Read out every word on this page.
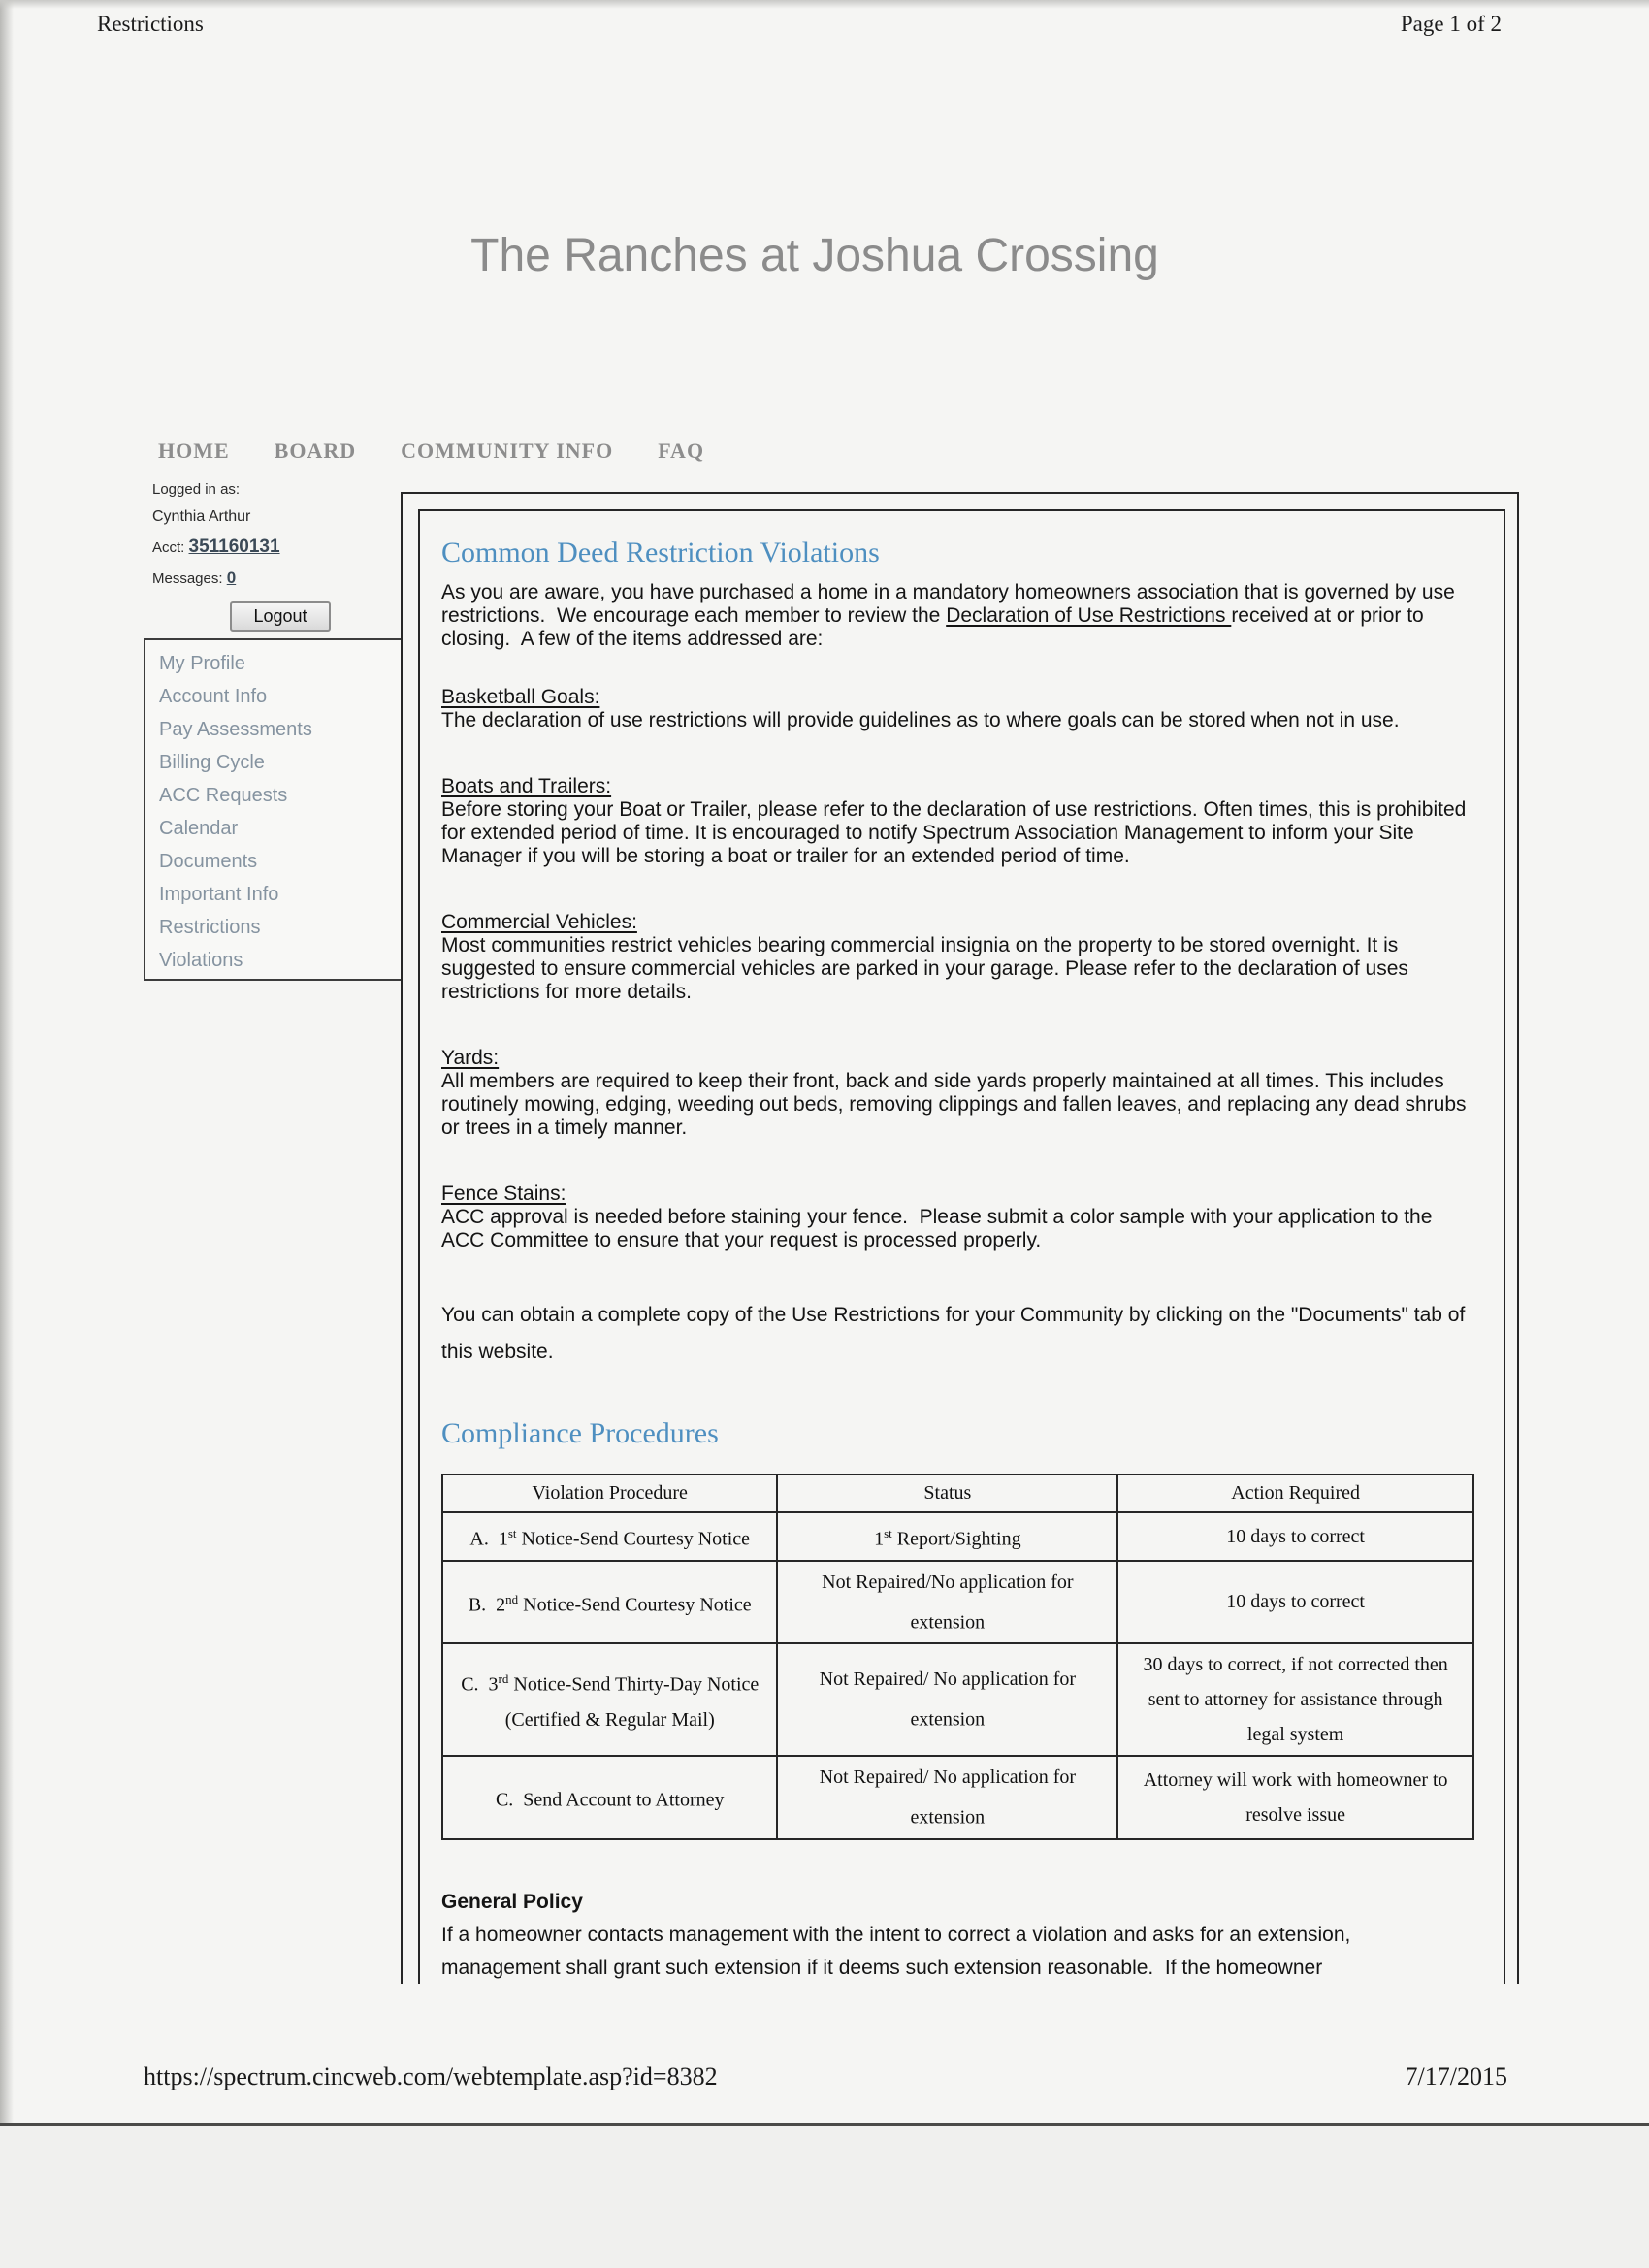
Restrictions	Page 1 of 2
The Ranches at Joshua Crossing
HOME BOARD COMMUNITY INFO FAQ
Logged in as:
Cynthia Arthur
Acct: 351160131
Messages: 0
Logout
My Profile
Account Info
Pay Assessments
Billing Cycle
ACC Requests
Calendar
Documents
Important Info
Restrictions
Violations
Common Deed Restriction Violations

As you are aware, you have purchased a home in a mandatory homeowners association that is governed by use restrictions.  We encourage each member to review the Declaration of Use Restrictions received at or prior to closing.  A few of the items addressed are:

Basketball Goals:
The declaration of use restrictions will provide guidelines as to where goals can be stored when not in use.
Boats and Trailers:
Before storing your Boat or Trailer, please refer to the declaration of use restrictions. Often times, this is prohibited for extended period of time. It is encouraged to notify Spectrum Association Management to inform your Site Manager if you will be storing a boat or trailer for an extended period of time.
Commercial Vehicles:
Most communities restrict vehicles bearing commercial insignia on the property to be stored overnight. It is suggested to ensure commercial vehicles are parked in your garage. Please refer to the declaration of uses restrictions for more details.
Yards:
All members are required to keep their front, back and side yards properly maintained at all times. This includes routinely mowing, edging, weeding out beds, removing clippings and fallen leaves, and replacing any dead shrubs or trees in a timely manner.
Fence Stains:
ACC approval is needed before staining your fence.  Please submit a color sample with your application to the ACC Committee to ensure that your request is processed properly.

You can obtain a complete copy of the Use Restrictions for your Community by clicking on the "Documents" tab of this website.

Compliance Procedures
Violation Procedure	Status	Action Required
A.  1st Notice-Send Courtesy Notice	1st Report/Sighting	10 days to correct
B.  2nd Notice-Send Courtesy Notice	Not Repaired/No application for extension	10 days to correct
C.  3rd Notice-Send Thirty-Day Notice (Certified & Regular Mail)	Not Repaired/ No application for extension	30 days to correct, if not corrected then sent to attorney for assistance through legal system
C.  Send Account to Attorney	Not Repaired/ No application for extension	Attorney will work with homeowner to resolve issue
General Policy
If a homeowner contacts management with the intent to correct a violation and asks for an extension, management shall grant such extension if it deems such extension reasonable.  If the homeowner
https://spectrum.cincweb.com/webtemplate.asp?id=8382	7/17/2015
